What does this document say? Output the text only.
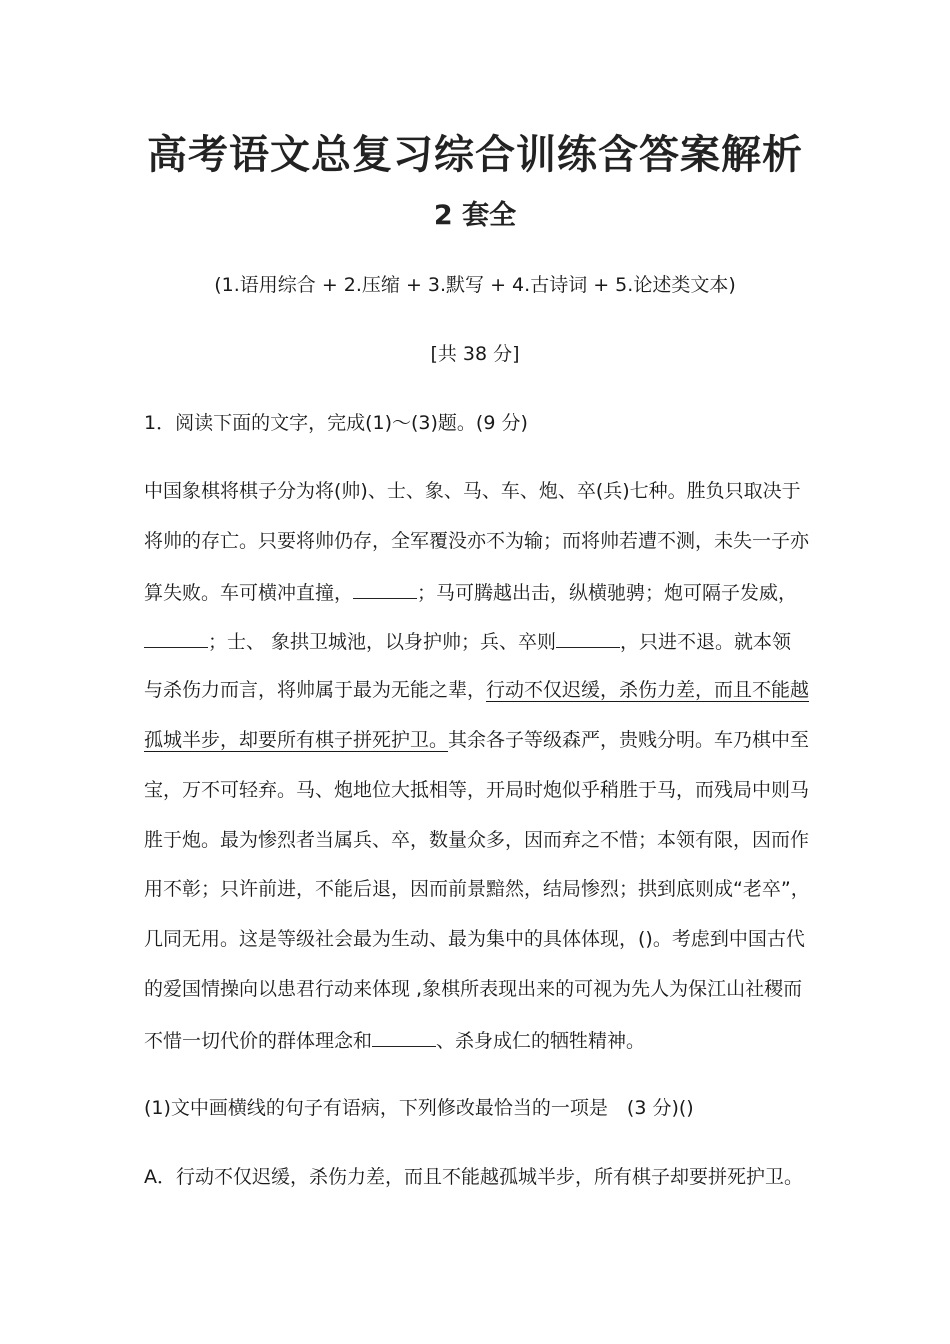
高考语文总复习综合训练含答案解析
2 套全
(1.语用综合 + 2.压缩 + 3.默写 + 4.古诗词 + 5.论述类文本)
[共 38 分]
1．阅读下面的文字，完成(1)～(3)题。(9 分)
中国象棋将棋子分为将(帅)、士、象、马、车、炮、卒(兵)七种。胜负只取决于
将帅的存亡。只要将帅仍存，全军覆没亦不为输；而将帅若遭不测，未失一子亦
算失败。车可横冲直撞，	；马可腾越出击，纵横驰骋；炮可隔子发威，
；士、 象拱卫城池，以身护帅；兵、卒则	，只进不退。就本领
与杀伤力而言，将帅属于最为无能之辈，行动不仅迟缓，杀伤力差，而且不能越
孤城半步，却要所有棋子拼死护卫。其余各子等级森严，贵贱分明。车乃棋中至
宝，万不可轻弃。马、炮地位大抵相等，开局时炮似乎稍胜于马，而残局中则马
胜于炮。最为惨烈者当属兵、卒，数量众多，因而弃之不惜；本领有限，因而作
用不彰；只许前进，不能后退，因而前景黯然，结局惨烈；拱到底则成“老卒”，
几同无用。这是等级社会最为生动、最为集中的具体体现，()。考虑到中国古代
的爱国情操向以患君行动来体现 ,象棋所表现出来的可视为先人为保江山社稷而
不惜一切代价的群体理念和	、杀身成仁的牺牲精神。
(1)文中画横线的句子有语病，下列修改最恰当的一项是　(3 分)()
A．行动不仅迟缓，杀伤力差，而且不能越孤城半步，所有棋子却要拼死护卫。
